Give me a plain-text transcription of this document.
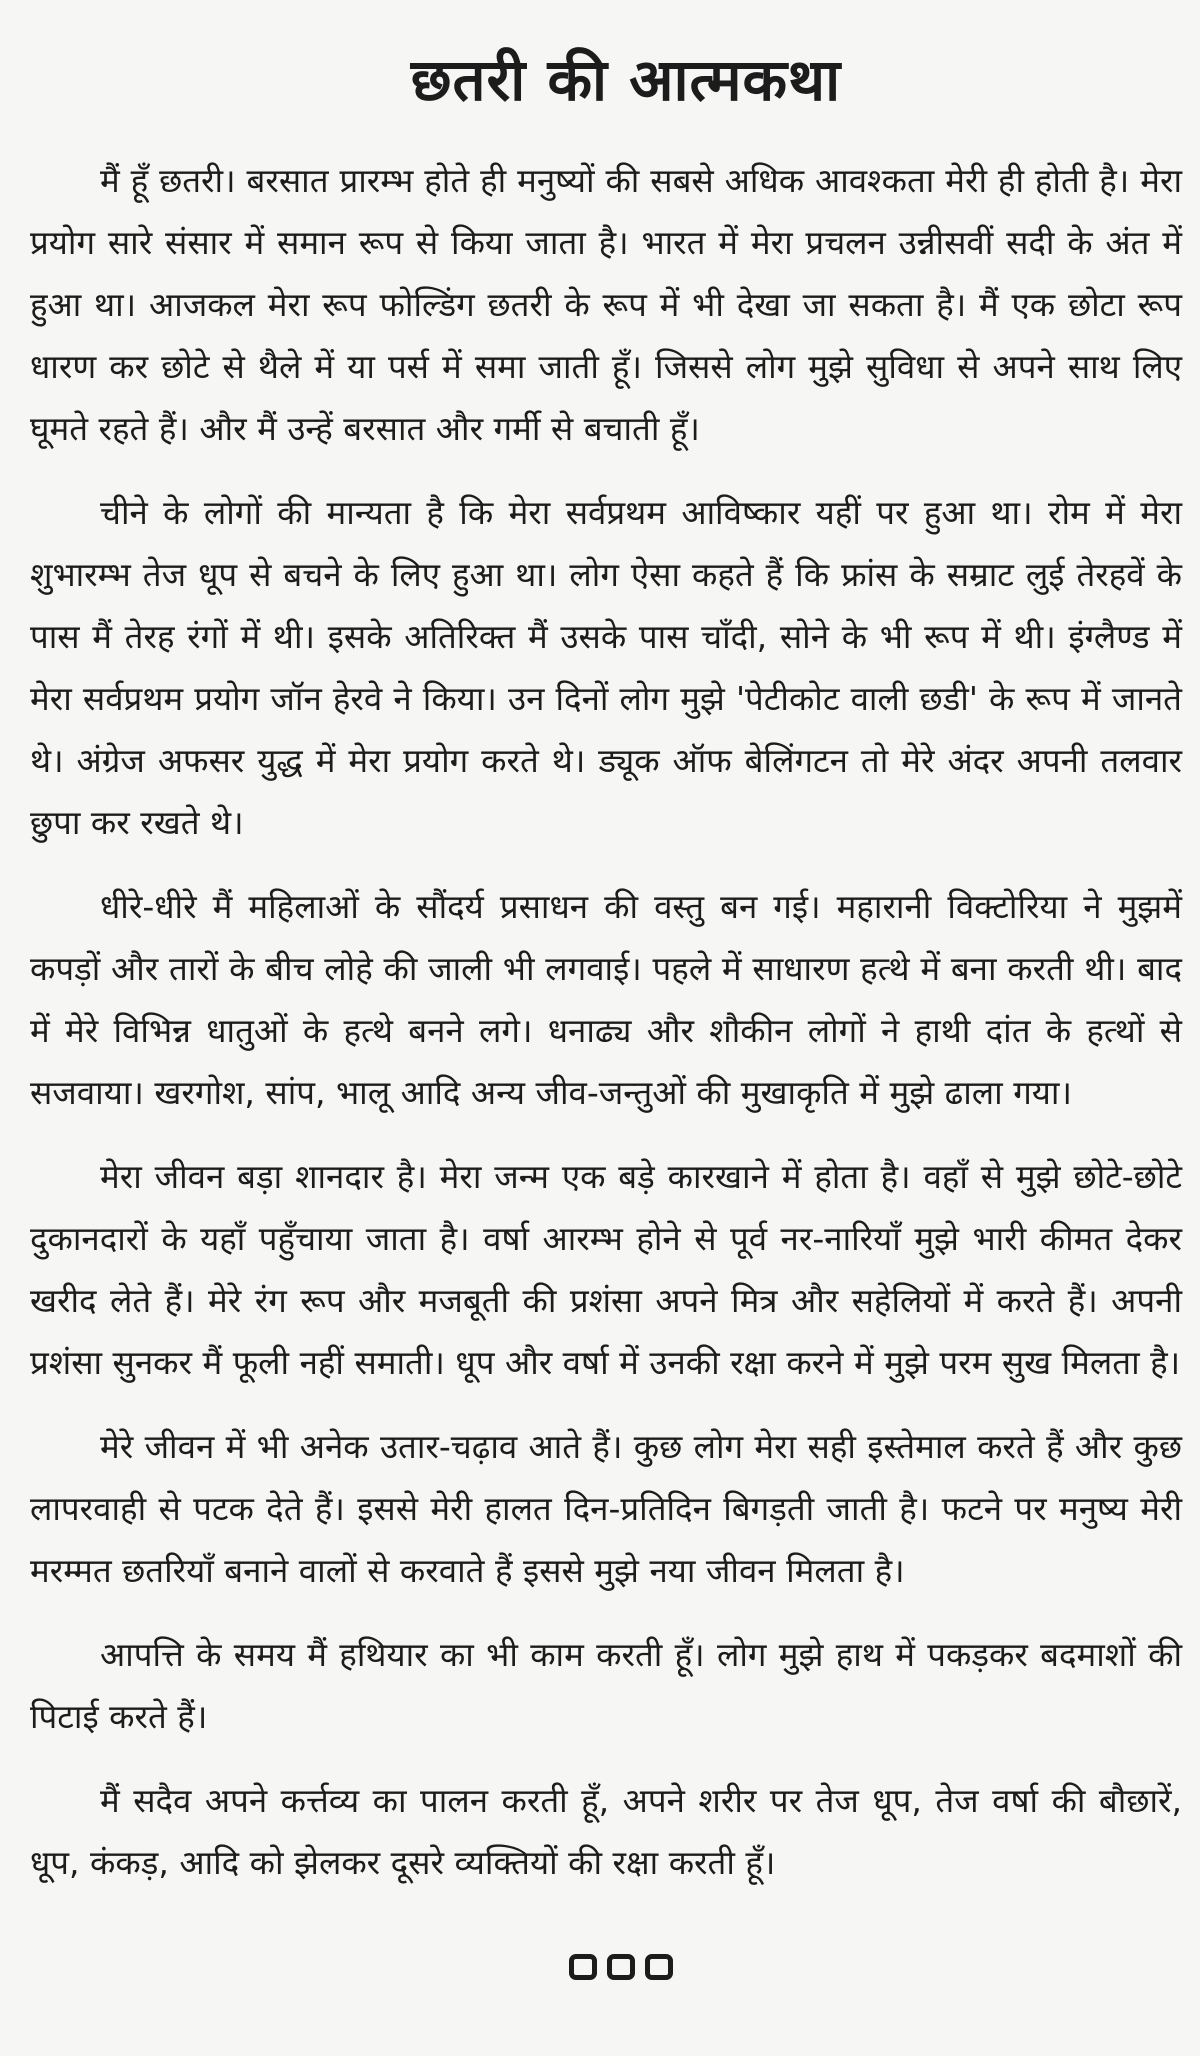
छतरी की आत्मकथा

मैं हूँ छतरी। बरसात प्रारम्भ होते ही मनुष्यों की सबसे अधिक आवश्कता मेरी ही होती है। मेरा प्रयोग सारे संसार में समान रूप से किया जाता है। भारत में मेरा प्रचलन उन्नीसवीं सदी के अंत में हुआ था। आजकल मेरा रूप फोल्डिंग छतरी के रूप में भी देखा जा सकता है। मैं एक छोटा रूप धारण कर छोटे से थैले में या पर्स में समा जाती हूँ। जिससे लोग मुझे सुविधा से अपने साथ लिए घूमते रहते हैं। और मैं उन्हें बरसात और गर्मी से बचाती हूँ।

चीने के लोगों की मान्यता है कि मेरा सर्वप्रथम आविष्कार यहीं पर हुआ था। रोम में मेरा शुभारम्भ तेज धूप से बचने के लिए हुआ था। लोग ऐसा कहते हैं कि फ्रांस के सम्राट लुई तेरहवें के पास मैं तेरह रंगों में थी। इसके अतिरिक्त मैं उसके पास चाँदी, सोने के भी रूप में थी। इंग्लैण्ड में मेरा सर्वप्रथम प्रयोग जॉन हेरवे ने किया। उन दिनों लोग मुझे 'पेटीकोट वाली छडी' के रूप में जानते थे। अंग्रेज अफसर युद्ध में मेरा प्रयोग करते थे। ड्यूक ऑफ बेलिंगटन तो मेरे अंदर अपनी तलवार छुपा कर रखते थे।

धीरे-धीरे मैं महिलाओं के सौंदर्य प्रसाधन की वस्तु बन गई। महारानी विक्टोरिया ने मुझमें कपड़ों और तारों के बीच लोहे की जाली भी लगवाई। पहले में साधारण हत्थे में बना करती थी। बाद में मेरे विभिन्न धातुओं के हत्थे बनने लगे। धनाढ्य और शौकीन लोगों ने हाथी दांत के हत्थों से सजवाया। खरगोश, सांप, भालू आदि अन्य जीव-जन्तुओं की मुखाकृति में मुझे ढाला गया।

मेरा जीवन बड़ा शानदार है। मेरा जन्म एक बड़े कारखाने में होता है। वहाँ से मुझे छोटे-छोटे दुकानदारों के यहाँ पहुँचाया जाता है। वर्षा आरम्भ होने से पूर्व नर-नारियाँ मुझे भारी कीमत देकर खरीद लेते हैं। मेरे रंग रूप और मजबूती की प्रशंसा अपने मित्र और सहेलियों में करते हैं। अपनी प्रशंसा सुनकर मैं फूली नहीं समाती। धूप और वर्षा में उनकी रक्षा करने में मुझे परम सुख मिलता है।

मेरे जीवन में भी अनेक उतार-चढ़ाव आते हैं। कुछ लोग मेरा सही इस्तेमाल करते हैं और कुछ लापरवाही से पटक देते हैं। इससे मेरी हालत दिन-प्रतिदिन बिगड़ती जाती है। फटने पर मनुष्य मेरी मरम्मत छतरियाँ बनाने वालों से करवाते हैं इससे मुझे नया जीवन मिलता है।

आपत्ति के समय मैं हथियार का भी काम करती हूँ। लोग मुझे हाथ में पकड़कर बदमाशों की पिटाई करते हैं।

मैं सदैव अपने कर्त्तव्य का पालन करती हूँ, अपने शरीर पर तेज धूप, तेज वर्षा की बौछारें, धूप, कंकड़, आदि को झेलकर दूसरे व्यक्तियों की रक्षा करती हूँ।
